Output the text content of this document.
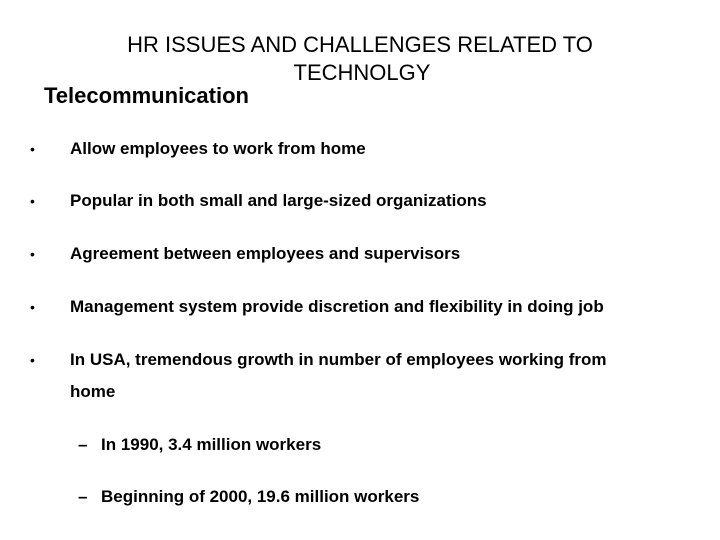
HR ISSUES AND CHALLENGES RELATED TO
TECHNOLGY
Telecommunication
• Allow employees to work from home
• Popular in both small and large-sized organizations
• Agreement between employees and supervisors
• Management system provide discretion and flexibility in doing job
• In USA, tremendous growth in number of employees working from
home
– In 1990, 3.4 million workers
– Beginning of 2000, 19.6 million workers
